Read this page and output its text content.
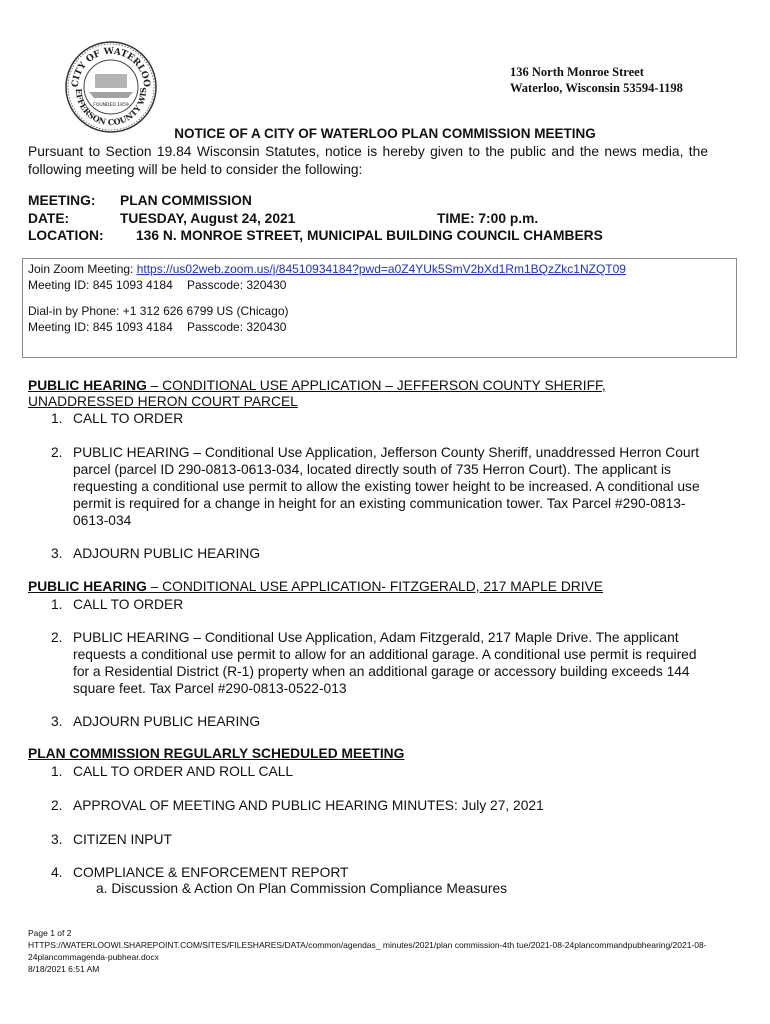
CITY OF WATERLOO
EFFERSON COUNTY WIS
FOUNDED 1859
136 North Monroe Street
Waterloo, Wisconsin 53594-1198
NOTICE OF A CITY OF WATERLOO PLAN COMMISSION MEETING
Pursuant to Section 19.84 Wisconsin Statutes, notice is hereby given to the public and the news media, the following meeting will be held to consider the following:
MEETING:	PLAN COMMISSION
DATE:	TUESDAY, August 24, 2021	TIME: 7:00 p.m.
LOCATION:	136 N. MONROE STREET, MUNICIPAL BUILDING COUNCIL CHAMBERS
Join Zoom Meeting: https://us02web.zoom.us/j/84510934184?pwd=a0Z4YUk5SmV2bXd1Rm1BQzZkc1NZQT09
Meeting ID: 845 1093 4184 Passcode: 320430
Dial-in by Phone: +1 312 626 6799 US (Chicago)
Meeting ID: 845 1093 4184 Passcode: 320430
PUBLIC HEARING – CONDITIONAL USE APPLICATION – JEFFERSON COUNTY SHERIFF,
UNADDRESSED HERON COURT PARCEL
1. CALL TO ORDER
2. PUBLIC HEARING – Conditional Use Application, Jefferson County Sheriff, unaddressed Herron Court parcel (parcel ID 290-0813-0613-034, located directly south of 735 Herron Court). The applicant is requesting a conditional use permit to allow the existing tower height to be increased. A conditional use permit is required for a change in height for an existing communication tower. Tax Parcel #290-0813-0613-034
3. ADJOURN PUBLIC HEARING
PUBLIC HEARING – CONDITIONAL USE APPLICATION- FITZGERALD, 217 MAPLE DRIVE
1. CALL TO ORDER
2. PUBLIC HEARING – Conditional Use Application, Adam Fitzgerald, 217 Maple Drive. The applicant requests a conditional use permit to allow for an additional garage. A conditional use permit is required for a Residential District (R-1) property when an additional garage or accessory building exceeds 144 square feet. Tax Parcel #290-0813-0522-013
3. ADJOURN PUBLIC HEARING
PLAN COMMISSION REGULARLY SCHEDULED MEETING
1. CALL TO ORDER AND ROLL CALL
2. APPROVAL OF MEETING AND PUBLIC HEARING MINUTES: July 27, 2021
3. CITIZEN INPUT
4. COMPLIANCE & ENFORCEMENT REPORT
a. Discussion & Action On Plan Commission Compliance Measures
Page 1 of 2
HTTPS://WATERLOOWI.SHAREPOINT.COM/SITES/FILESHARES/DATA/common/agendas_ minutes/2021/plan commission-4th tue/2021-08-24plancommandpubhearing/2021-08-
24plancommagenda-pubhear.docx
8/18/2021 6:51 AM
